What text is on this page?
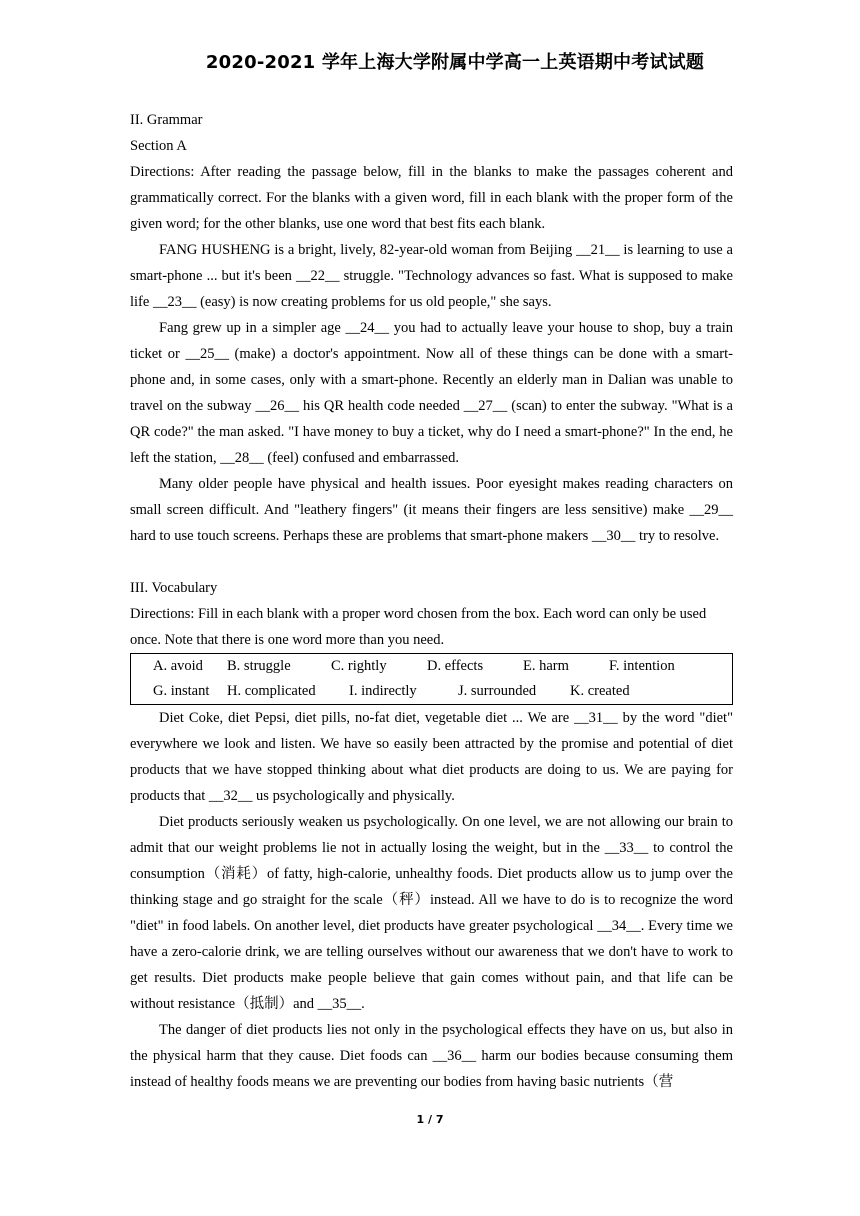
2020-2021 学年上海大学附属中学高一上英语期中考试试题

II. Grammar

Section A

Directions: After reading the passage below, fill in the blanks to make the passages coherent and grammatically correct. For the blanks with a given word, fill in each blank with the proper form of the given word; for the other blanks, use one word that best fits each blank.

FANG HUSHENG is a bright, lively, 82-year-old woman from Beijing __21__ is learning to use a smart-phone ... but it's been __22__ struggle. "Technology advances so fast. What is supposed to make life __23__ (easy) is now creating problems for us old people," she says.

Fang grew up in a simpler age __24__ you had to actually leave your house to shop, buy a train ticket or __25__ (make) a doctor's appointment. Now all of these things can be done with a smart-phone and, in some cases, only with a smart-phone. Recently an elderly man in Dalian was unable to travel on the subway __26__ his QR health code needed __27__ (scan) to enter the subway. "What is a QR code?" the man asked. "I have money to buy a ticket, why do I need a smart-phone?" In the end, he left the station, __28__ (feel) confused and embarrassed.

Many older people have physical and health issues. Poor eyesight makes reading characters on small screen difficult. And "leathery fingers" (it means their fingers are less sensitive) make __29__ hard to use touch screens. Perhaps these are problems that smart-phone makers __30__ try to resolve.

III. Vocabulary

Directions: Fill in each blank with a proper word chosen from the box. Each word can only be used once. Note that there is one word more than you need.

A. avoid	B. struggle	C. rightly	D. effects	E. harm	F. intention
G. instant	H. complicated	I. indirectly	J. surrounded	K. created

Diet Coke, diet Pepsi, diet pills, no-fat diet, vegetable diet ... We are __31__ by the word "diet" everywhere we look and listen. We have so easily been attracted by the promise and potential of diet products that we have stopped thinking about what diet products are doing to us. We are paying for products that __32__ us psychologically and physically.

Diet products seriously weaken us psychologically. On one level, we are not allowing our brain to admit that our weight problems lie not in actually losing the weight, but in the __33__ to control the consumption（消耗）of fatty, high-calorie, unhealthy foods. Diet products allow us to jump over the thinking stage and go straight for the scale（秤）instead. All we have to do is to recognize the word "diet" in food labels. On another level, diet products have greater psychological __34__. Every time we have a zero-calorie drink, we are telling ourselves without our awareness that we don't have to work to get results. Diet products make people believe that gain comes without pain, and that life can be without resistance（抵制）and __35__.

The danger of diet products lies not only in the psychological effects they have on us, but also in the physical harm that they cause. Diet foods can __36__ harm our bodies because consuming them instead of healthy foods means we are preventing our bodies from having basic nutrients（营

1 / 7
